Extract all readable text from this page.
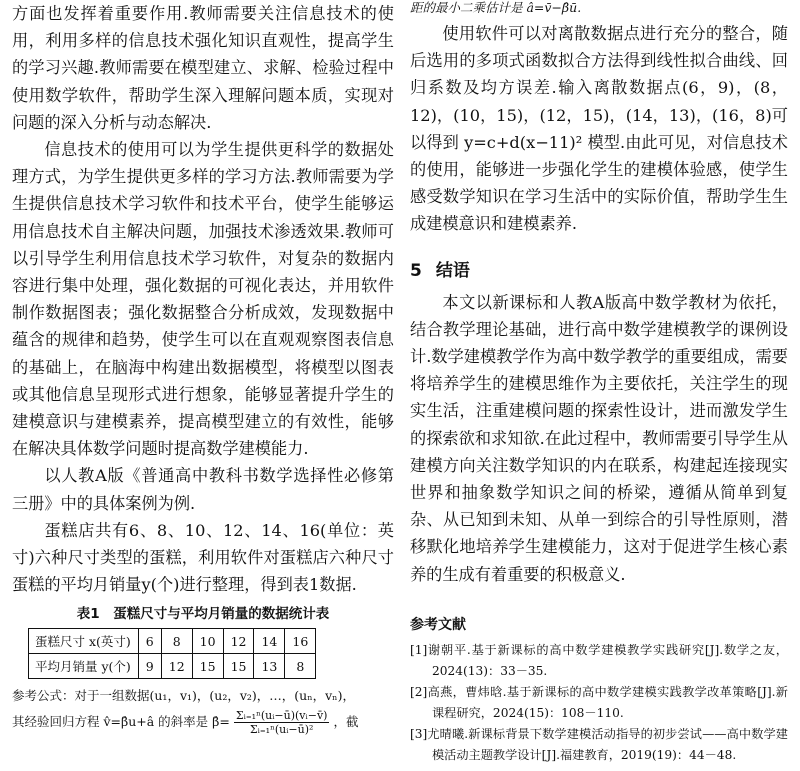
方面也发挥着重要作用.教师需要关注信息技术的使用，利用多样的信息技术强化知识直观性，提高学生的学习兴趣.教师需要在模型建立、求解、检验过程中使用数学软件，帮助学生深入理解问题本质，实现对问题的深入分析与动态解决.

信息技术的使用可以为学生提供更科学的数据处理方式，为学生提供更多样的学习方法.教师需要为学生提供信息技术学习软件和技术平台，使学生能够运用信息技术自主解决问题，加强技术渗透效果.教师可以引导学生利用信息技术学习软件，对复杂的数据内容进行集中处理，强化数据的可视化表达，并用软件制作数据图表；强化数据整合分析成效，发现数据中蕴含的规律和趋势，使学生可以在直观观察图表信息的基础上，在脑海中构建出数据模型，将模型以图表或其他信息呈现形式进行想象，能够显著提升学生的建模意识与建模素养，提高模型建立的有效性，能够在解决具体数学问题时提高数学建模能力.

以人教A版《普通高中教科书数学选择性必修第三册》中的具体案例为例.

蛋糕店共有6、8、10、12、14、16(单位：英寸)六种尺寸类型的蛋糕，利用软件对蛋糕店六种尺寸蛋糕的平均月销量y(个)进行整理，得到表1数据.

表1　蛋糕尺寸与平均月销量的数据统计表
蛋糕尺寸 x(英寸)	6	8	10	12	14	16
平均月销量 y(个)	9	12	15	15	13	8

参考公式：对于一组数据(u₁，v₁)，(u₂，v₂)，…，(uₙ，vₙ)，

其经验回归方程 v̂=β̂u+â 的斜率是 β̂= $\frac{\text{Σᵢ₌₁ⁿ(uᵢ−ū)(vᵢ−v̄)}}{\text{Σᵢ₌₁ⁿ(uᵢ−ū)²}}$ ，截

距的最小二乘估计是 â=v̄−β̂ū.

使用软件可以对离散数据点进行充分的整合，随后选用的多项式函数拟合方法得到线性拟合曲线、回归系数及均方误差.输入离散数据点(6，9)，(8，12)，(10，15)，(12，15)，(14，13)，(16，8)可以得到 y=c+d(x−11)² 模型.由此可见，对信息技术的使用，能够进一步强化学生的建模体验感，使学生感受数学知识在学习生活中的实际价值，帮助学生生成建模意识和建模素养.

5 结语

本文以新课标和人教A版高中数学教材为依托，结合教学理论基础，进行高中数学建模教学的课例设计.数学建模教学作为高中数学教学的重要组成，需要将培养学生的建模思维作为主要依托，关注学生的现实生活，注重建模问题的探索性设计，进而激发学生的探索欲和求知欲.在此过程中，教师需要引导学生从建模方向关注数学知识的内在联系，构建起连接现实世界和抽象数学知识之间的桥梁，遵循从简单到复杂、从已知到未知、从单一到综合的引导性原则，潜移默化地培养学生建模能力，这对于促进学生核心素养的生成有着重要的积极意义.

参考文献

[1]谢朝平.基于新课标的高中数学建模教学实践研究[J].数学之友，2024(13)：33－35.

[2]高燕，曹炜晗.基于新课标的高中数学建模实践教学改革策略[J].新课程研究，2024(15)：108－110.

[3]尤晴曦.新课标背景下数学建模活动指导的初步尝试——高中数学建模活动主题教学设计[J].福建教育，2019(19)：44－48.
